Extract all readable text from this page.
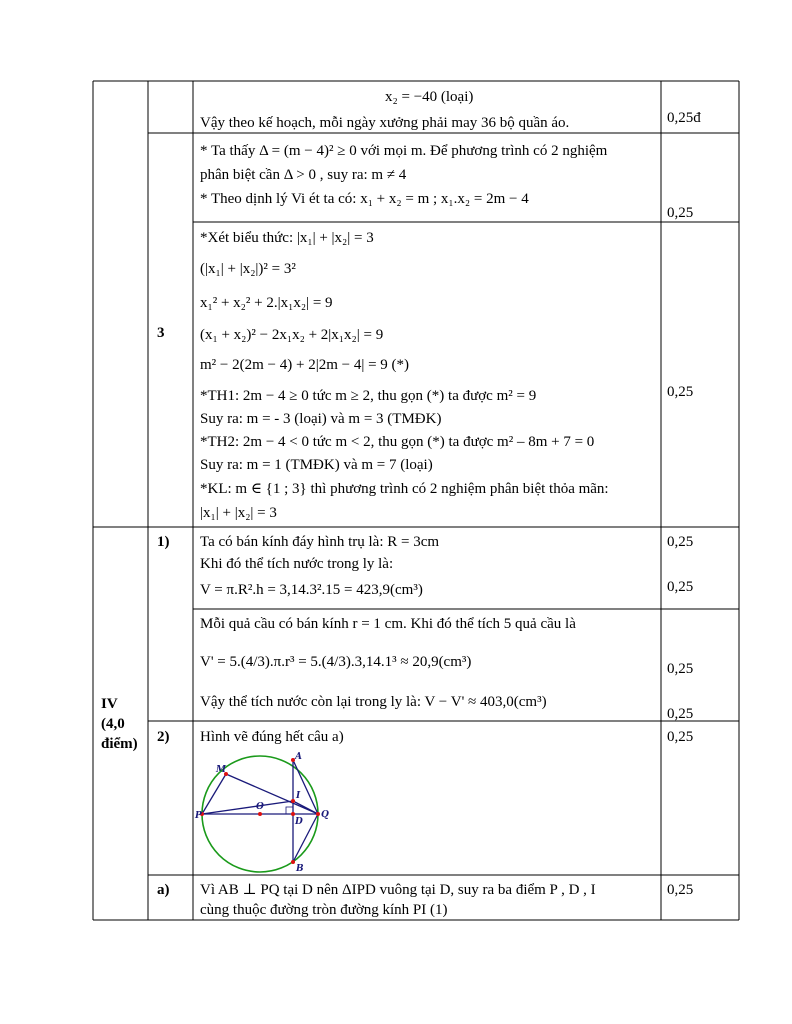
x₂ = −40 (loại)
Vậy theo kế hoạch, mỗi ngày xưởng phải may 36 bộ quần áo.	0,25đ
* Ta thấy Δ = (m − 4)² ≥ 0 với mọi m. Để phương trình có 2 nghiệm
phân biệt cần Δ > 0 , suy ra: m ≠ 4
* Theo dịnh lý Vi ét ta có: x₁ + x₂ = m ; x₁.x₂ = 2m − 4
0,25
3
*Xét biểu thức: |x₁| + |x₂| = 3
(|x₁| + |x₂|)² = 3²
x₁² + x₂² + 2.|x₁x₂| = 9
(x₁ + x₂)² − 2x₁x₂ + 2|x₁x₂| = 9
m² − 2(2m − 4) + 2|2m − 4| = 9 (*)
*TH1: 2m − 4 ≥ 0 tức m ≥ 2, thu gọn (*) ta được m² = 9
Suy ra: m = - 3 (loại) và m = 3 (TMĐK)
*TH2: 2m − 4 < 0 tức m < 2, thu gọn (*) ta được m² – 8m + 7 = 0
Suy ra: m = 1 (TMĐK) và m = 7 (loại)
*KL: m ∈ {1 ; 3} thì phương trình có 2 nghiệm phân biệt thỏa mãn:
|x₁| + |x₂| = 3
0,25
IV
(4,0
điểm)
1) Ta có bán kính đáy hình trụ là: R = 3cm
Khi đó thể tích nước trong ly là:
V = π.R².h = 3,14.3².15 = 423,9(cm³)
0,25
0,25
Mỗi quả cầu có bán kính r = 1 cm. Khi đó thể tích 5 quả cầu là
V' = 5.(4/3).π.r³ = 5.(4/3).3,14.1³ ≈ 20,9(cm³)
Vậy thể tích nước còn lại trong ly là: V − V' ≈ 403,0(cm³)
0,25
0,25
2) Hình vẽ đúng hết câu a)	0,25
M
A
I
O
P
D
Q
B
a) Vì AB ⊥ PQ tại D nên ΔIPD vuông tại D, suy ra ba điểm P , D , I
cùng thuộc đường tròn đường kính PI (1)
0,25
